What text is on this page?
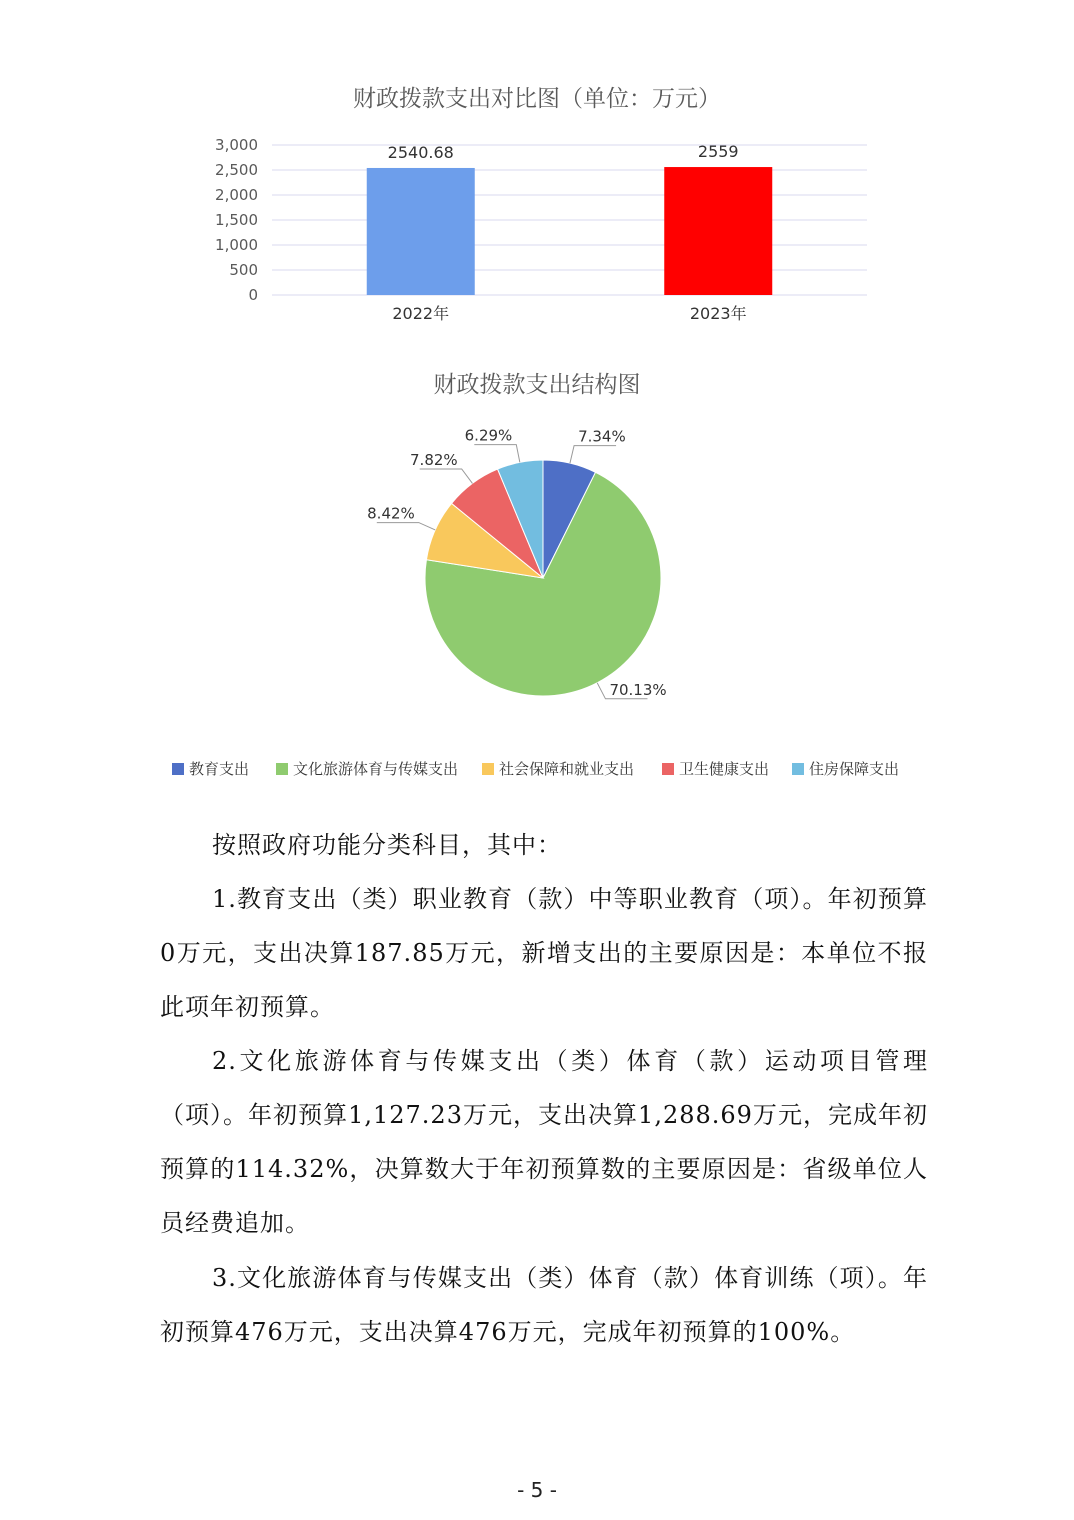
财政拨款支出对比图（单位：万元）
0
500
1,000
1,500
2,000
2,500
3,000	2540.68
2022年
2559
2023年
财政拨款支出结构图
7.34%
70.13%
8.42%
7.82%
6.29%
教育支出	文化旅游体育与传媒支出	社会保障和就业支出	卫生健康支出	住房保障支出

按照政府功能分类科目，其中：

1.教育支出（类）职业教育（款）中等职业教育（项）。年初预算0万元，支出决算187.85万元，新增支出的主要原因是：本单位不报此项年初预算。

2.文化旅游体育与传媒支出（类）体育（款）运动项目管理（项）。年初预算1,127.23万元，支出决算1,288.69万元，完成年初预算的114.32%，决算数大于年初预算数的主要原因是：省级单位人员经费追加。

3.文化旅游体育与传媒支出（类）体育（款）体育训练（项）。年初预算476万元，支出决算476万元，完成年初预算的100%。

- 5 -
